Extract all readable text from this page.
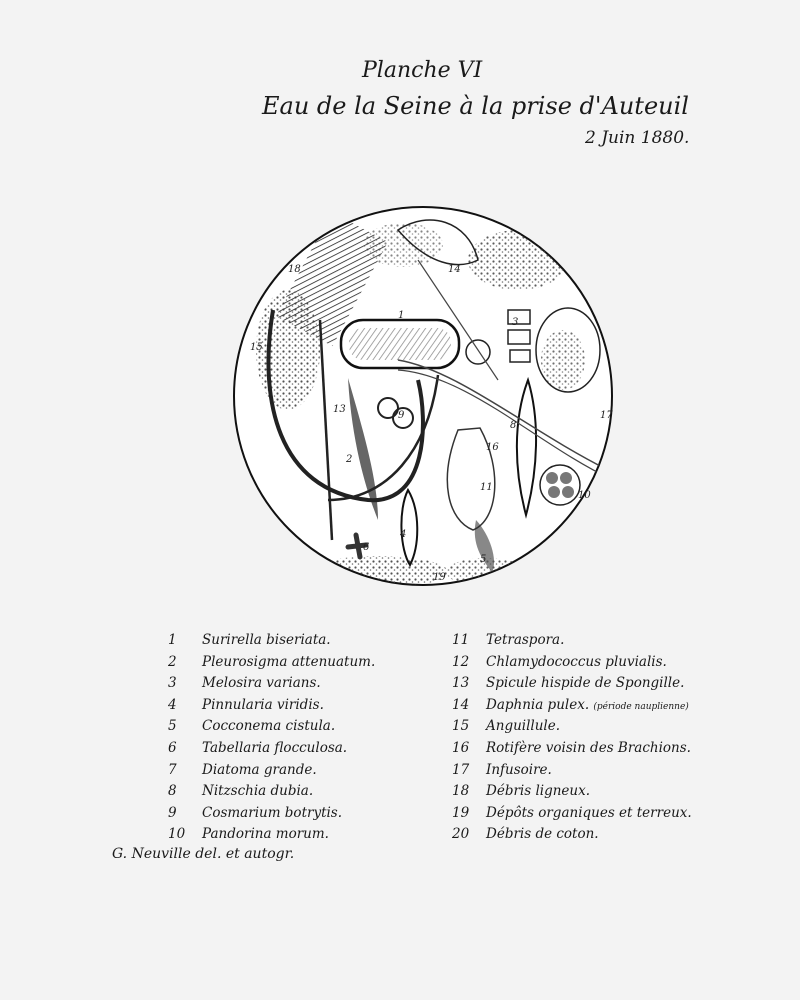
Planche VI
Eau de la Seine à la prise d'Auteuil
2 Juin 1880.
1
2
3
4
5
6
8
9
10
11
13
14
15
16
17
18
19
1 Surirella biseriata.
2 Pleurosigma attenuatum.
3 Melosira varians.
4 Pinnularia viridis.
5 Cocconema cistula.
6 Tabellaria flocculosa.
7 Diatoma grande.
8 Nitzschia dubia.
9 Cosmarium botrytis.
10 Pandorina morum.
11 Tetraspora.
12 Chlamydococcus pluvialis.
13 Spicule hispide de Spongille.
14 Daphnia pulex. (période nauplienne)
15 Anguillule.
16 Rotifère voisin des Brachions.
17 Infusoire.
18 Débris ligneux.
19 Dépôts organiques et terreux.
20 Débris de coton.
G. Neuville del. et autogr.
